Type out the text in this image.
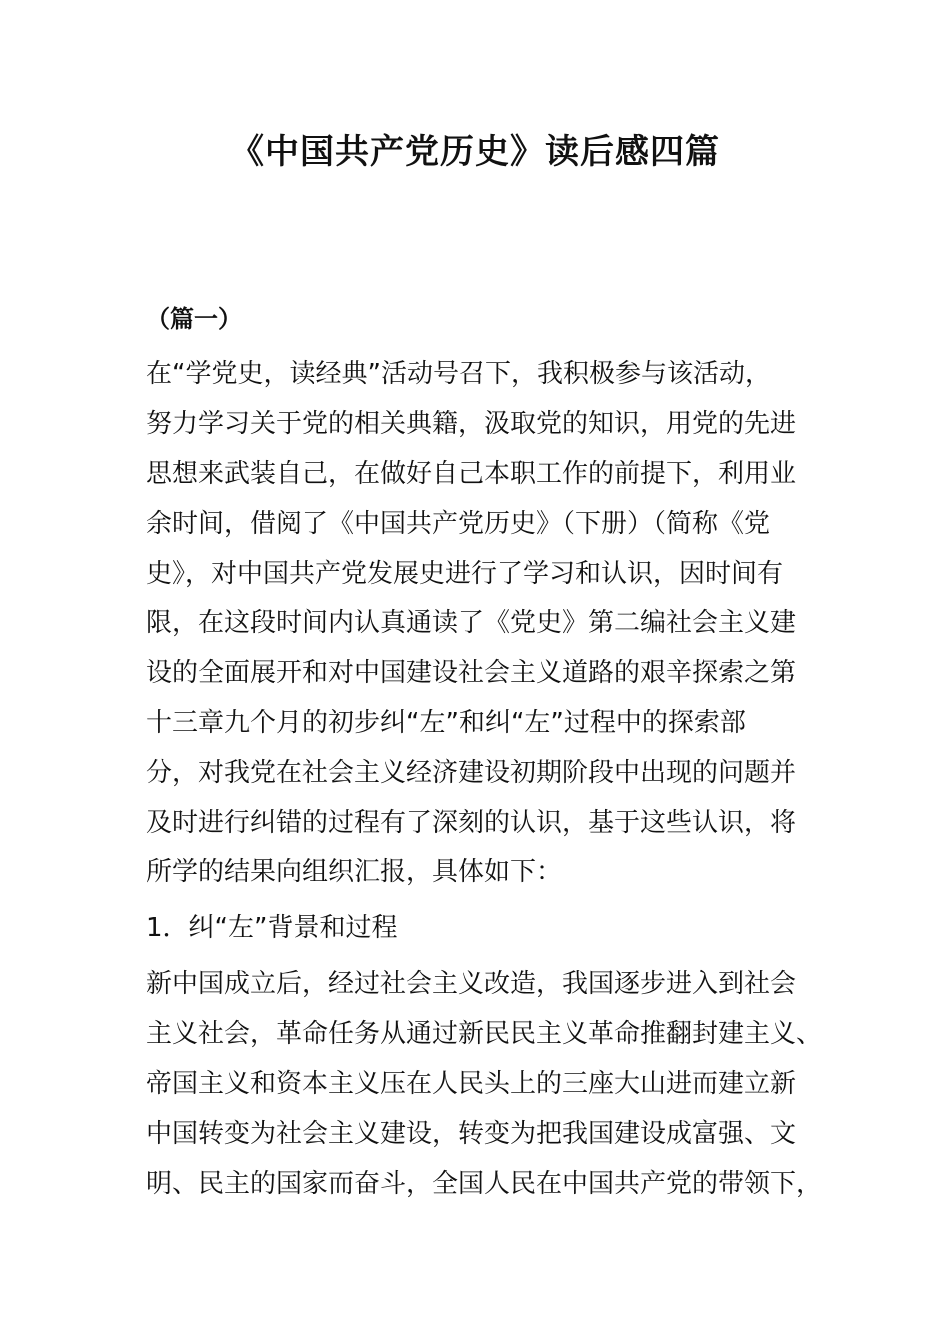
《中国共产党历史》读后感四篇
（篇一）
在“学党史，读经典”活动号召下，我积极参与该活动，
努力学习关于党的相关典籍，汲取党的知识，用党的先进
思想来武装自己，在做好自己本职工作的前提下，利用业
余时间，借阅了《中国共产党历史》（下册）（简称《党
史》，对中国共产党发展史进行了学习和认识，因时间有
限，在这段时间内认真通读了《党史》第二编社会主义建
设的全面展开和对中国建设社会主义道路的艰辛探索之第
十三章九个月的初步纠“左”和纠“左”过程中的探索部
分，对我党在社会主义经济建设初期阶段中出现的问题并
及时进行纠错的过程有了深刻的认识，基于这些认识，将
所学的结果向组织汇报，具体如下：
1．纠“左”背景和过程
新中国成立后，经过社会主义改造，我国逐步进入到社会
主义社会，革命任务从通过新民民主义革命推翻封建主义、
帝国主义和资本主义压在人民头上的三座大山进而建立新
中国转变为社会主义建设，转变为把我国建设成富强、文
明、民主的国家而奋斗，全国人民在中国共产党的带领下，
